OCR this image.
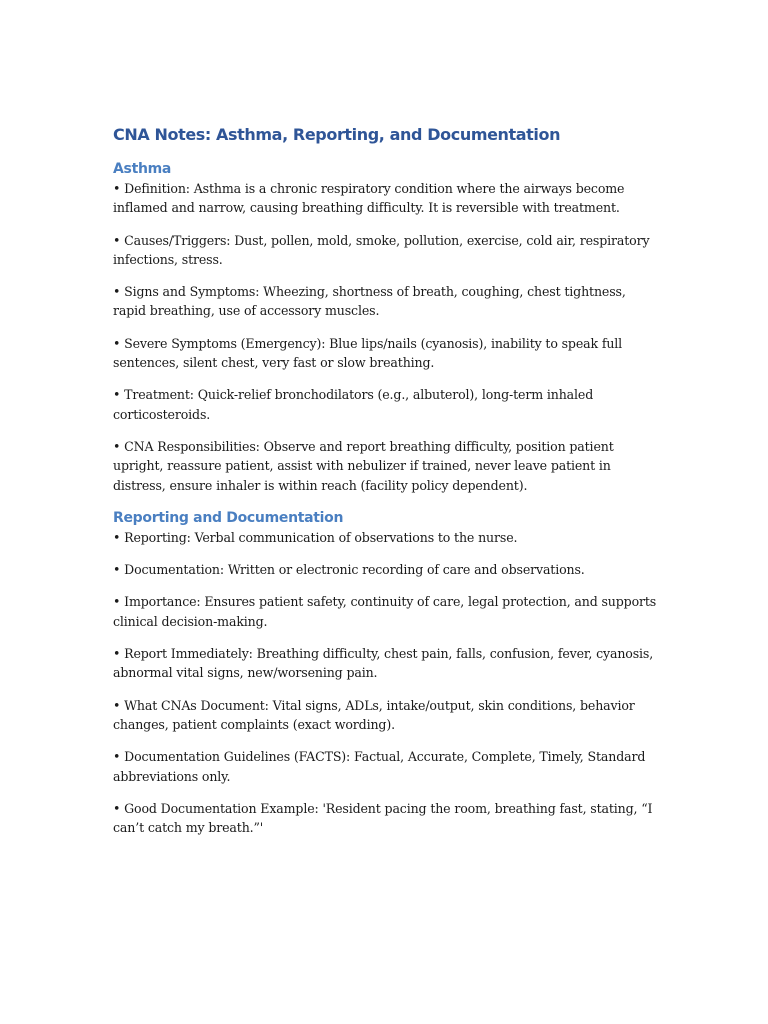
CNA Notes: Asthma, Reporting, and Documentation
Asthma

• Definition: Asthma is a chronic respiratory condition where the airways become inflamed and narrow, causing breathing difficulty. It is reversible with treatment.

• Causes/Triggers: Dust, pollen, mold, smoke, pollution, exercise, cold air, respiratory infections, stress.

• Signs and Symptoms: Wheezing, shortness of breath, coughing, chest tightness, rapid breathing, use of accessory muscles.

• Severe Symptoms (Emergency): Blue lips/nails (cyanosis), inability to speak full sentences, silent chest, very fast or slow breathing.

• Treatment: Quick-relief bronchodilators (e.g., albuterol), long-term inhaled corticosteroids.

• CNA Responsibilities: Observe and report breathing difficulty, position patient upright, reassure patient, assist with nebulizer if trained, never leave patient in distress, ensure inhaler is within reach (facility policy dependent).

Reporting and Documentation

• Reporting: Verbal communication of observations to the nurse.

• Documentation: Written or electronic recording of care and observations.

• Importance: Ensures patient safety, continuity of care, legal protection, and supports clinical decision-making.

• Report Immediately: Breathing difficulty, chest pain, falls, confusion, fever, cyanosis, abnormal vital signs, new/worsening pain.

• What CNAs Document: Vital signs, ADLs, intake/output, skin conditions, behavior changes, patient complaints (exact wording).

• Documentation Guidelines (FACTS): Factual, Accurate, Complete, Timely, Standard abbreviations only.

• Good Documentation Example: 'Resident pacing the room, breathing fast, stating, “I can’t catch my breath.”'
